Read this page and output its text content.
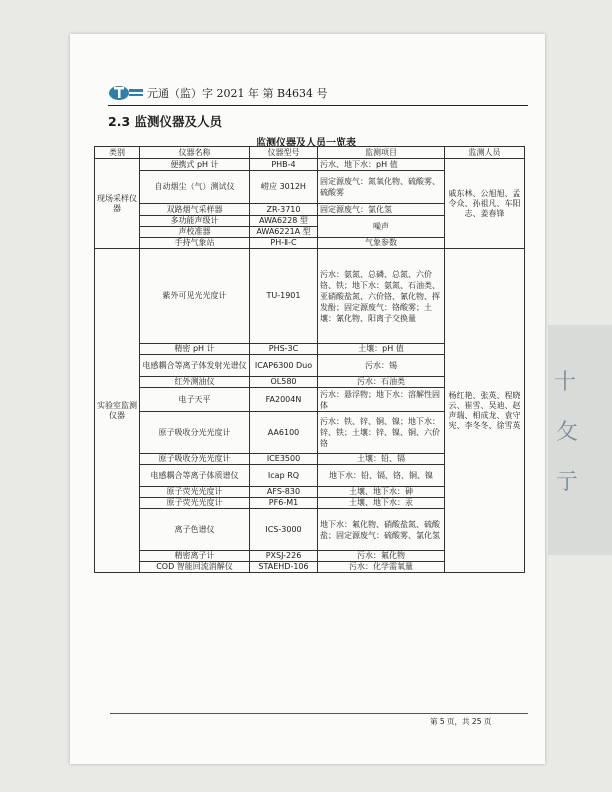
十
攵
亍
元通（监）字 2021 年 第 B4634 号
2.3 监测仪器及人员
监测仪器及人员一览表
类别	仪器名称	仪器型号	监测项目	监测人员
现场采样仪器	便携式 pH 计	PHB-4	污水、地下水：pH 值	戚东林、公旭旭、孟令众、孙祖凡、车阳志、姜春锋
	自动烟尘（气）测试仪	崂应 3012H	固定源废气：氮氧化物、硫酸雾、硫酸雾	
	双路烟气采样器	ZR-3710	固定源废气：氯化氢	
	多功能声级计	AWA6228 型	噪声	
	声校准器	AWA6221A 型		
	手持气象站	PH-Ⅱ-C	气象参数	
实验室监测仪器	紫外可见光光度计	TU-1901	污水：氨氮、总磷、总氮、六价铬、铁；地下水：氨氮、石油类、亚硝酸盐氮、六价铬、氰化物、挥发酚；固定源废气：铬酸雾；土壤：氰化物、阳离子交换量	杨红艳、张英、程晓云、崔雪、吴迪、赵声瑞、相成龙、袁守宪、李冬冬、徐雪英
	精密 pH 计	PHS-3C	土壤：pH 值	
	电感耦合等离子体发射光谱仪	ICAP6300 Duo	污水：锡	
	红外测油仪	OL580	污水：石油类	
	电子天平	FA2004N	污水：悬浮物；地下水：溶解性固体	
	原子吸收分光光度计	AA6100	污水：铁、锌、铜、镍；地下水：锌、铁；土壤：锌、镍、铜、六价铬	
	原子吸收分光光度计	ICE3500	土壤：铅、镉	
	电感耦合等离子体质谱仪	Icap RQ	地下水：铅、镉、铬、铜、镍	
	原子荧光光度计	AFS-830	土壤、地下水：砷	
	原子荧光光度计	PF6-M1	土壤、地下水：汞	
	离子色谱仪	ICS-3000	地下水：氟化物、硝酸盐氮、硫酸盐；固定源废气：硫酸雾、氯化氢	
	精密离子计	PXSJ-226	污水：氟化物	
	COD 智能回流消解仪	STAEHD-106	污水：化学需氧量	
第 5 页，共 25 页
